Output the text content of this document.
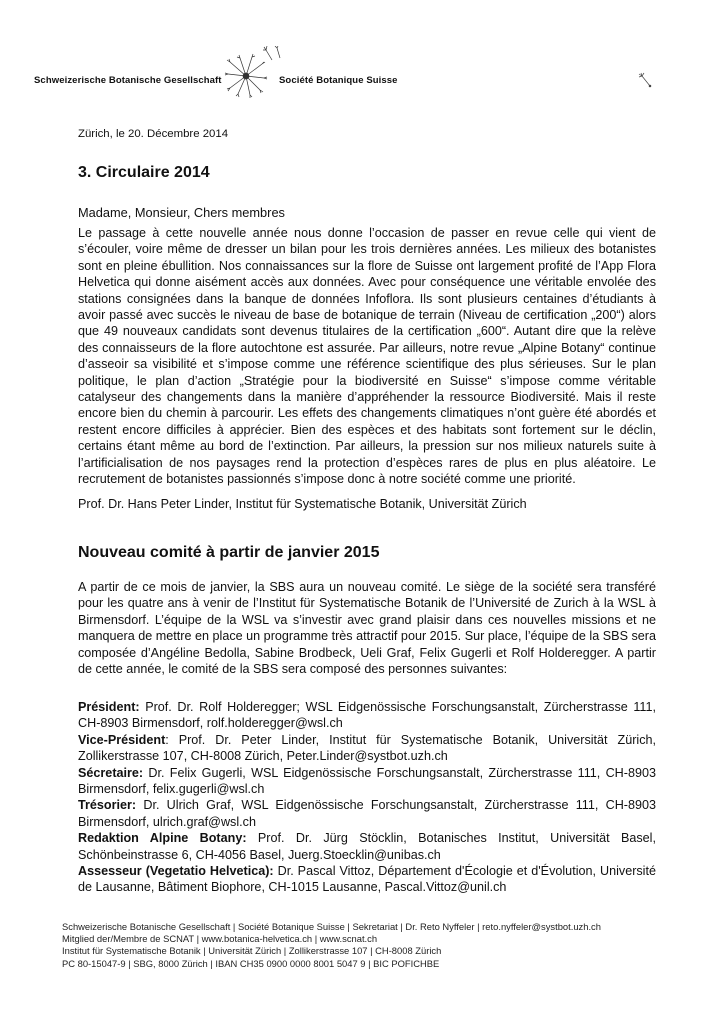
Schweizerische Botanische Gesellschaft	Société Botanique Suisse
Zürich, le 20. Décembre 2014
3. Circulaire 2014
Madame, Monsieur, Chers membres

Le passage à cette nouvelle année nous donne l’occasion de passer en revue celle qui vient de s’écouler, voire même de dresser un bilan pour les trois dernières années. Les milieux des botanistes sont en pleine ébullition. Nos connaissances sur la flore de Suisse ont largement profité de l’App Flora Helvetica qui donne aisément accès aux données. Avec pour conséquence une véritable envolée des stations consignées dans la banque de données Infoflora. Ils sont plusieurs centaines d’étudiants à avoir passé avec succès le niveau de base de botanique de terrain (Niveau de certification „200“) alors que 49 nouveaux candidats sont devenus titulaires de la certification „600“. Autant dire que la relève des connaisseurs de la flore autochtone est assurée. Par ailleurs, notre revue „Alpine Botany“ continue d’asseoir sa visibilité et s’impose comme une référence scientifique des plus sérieuses. Sur le plan politique, le plan d’action „Stratégie pour la biodiversité en Suisse“ s’impose comme véritable catalyseur des changements dans la manière d’appréhender la ressource Biodiversité. Mais il reste encore bien du chemin à parcourir. Les effets des changements climatiques n’ont guère été abordés et restent encore difficiles à apprécier. Bien des espèces et des habitats sont fortement sur le déclin, certains étant même au bord de l’extinction. Par ailleurs, la pression sur nos milieux naturels suite à l’artificialisation de nos paysages rend la protection d’espèces rares de plus en plus aléatoire. Le recrutement de botanistes passionnés s’impose donc à notre société comme une priorité.

Prof. Dr. Hans Peter Linder, Institut für Systematische Botanik, Universität Zürich
Nouveau comité à partir de janvier 2015

A partir de ce mois de janvier, la SBS aura un nouveau comité. Le siège de la société sera transféré pour les quatre ans à venir de l’Institut für Systematische Botanik de l’Université de Zurich à la WSL à Birmensdorf. L’équipe de la WSL va s’investir avec grand plaisir dans ces nouvelles missions et ne manquera de mettre en place un programme très attractif pour 2015. Sur place, l’équipe de la SBS sera composée d’Angéline Bedolla, Sabine Brodbeck, Ueli Graf, Felix Gugerli et Rolf Holderegger. A partir de cette année, le comité de la SBS sera composé des personnes suivantes:

Président: Prof. Dr. Rolf Holderegger; WSL Eidgenössische Forschungsanstalt, Zürcherstrasse 111, CH-8903 Birmensdorf, rolf.holderegger@wsl.ch

Vice-Président: Prof. Dr. Peter Linder, Institut für Systematische Botanik, Universität Zürich, Zollikerstrasse 107, CH-8008 Zürich, Peter.Linder@systbot.uzh.ch

Sécretaire: Dr. Felix Gugerli, WSL Eidgenössische Forschungsanstalt, Zürcherstrasse 111, CH-8903 Birmensdorf, felix.gugerli@wsl.ch

Trésorier: Dr. Ulrich Graf, WSL Eidgenössische Forschungsanstalt, Zürcherstrasse 111, CH-8903 Birmensdorf, ulrich.graf@wsl.ch

Redaktion Alpine Botany: Prof. Dr. Jürg Stöcklin, Botanisches Institut, Universität Basel, Schönbeinstrasse 6, CH-4056 Basel, Juerg.Stoecklin@unibas.ch

Assesseur (Vegetatio Helvetica): Dr. Pascal Vittoz, Département d'Écologie et d'Évolution, Université de Lausanne, Bâtiment Biophore, CH-1015 Lausanne, Pascal.Vittoz@unil.ch

Schweizerische Botanische Gesellschaft | Société Botanique Suisse | Sekretariat | Dr. Reto Nyffeler | reto.nyffeler@systbot.uzh.ch
Mitglied der/Membre de SCNAT | www.botanica-helvetica.ch | www.scnat.ch
Institut für Systematische Botanik | Universität Zürich | Zollikerstrasse 107 | CH-8008 Zürich
PC 80-15047-9 | SBG, 8000 Zürich | IBAN CH35 0900 0000 8001 5047 9 | BIC POFICHBE
